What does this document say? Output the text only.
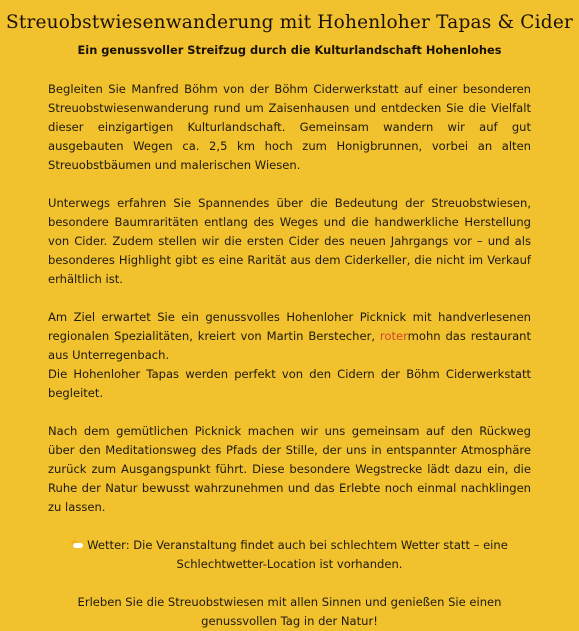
Streuobstwiesenwanderung mit Hohenloher Tapas & Cider
Ein genussvoller Streifzug durch die Kulturlandschaft Hohenlohes

Begleiten Sie Manfred Böhm von der Böhm Ciderwerkstatt auf einer besonderen Streuobstwiesenwanderung rund um Zaisenhausen und entdecken Sie die Vielfalt dieser einzigartigen Kulturlandschaft. Gemeinsam wandern wir auf gut ausgebauten Wegen ca. 2,5 km hoch zum Honigbrunnen, vorbei an alten Streuobstbäumen und malerischen Wiesen.

Unterwegs erfahren Sie Spannendes über die Bedeutung der Streuobstwiesen, besondere Baumraritäten entlang des Weges und die handwerkliche Herstellung von Cider. Zudem stellen wir die ersten Cider des neuen Jahrgangs vor – und als besonderes Highlight gibt es eine Rarität aus dem Ciderkeller, die nicht im Verkauf erhältlich ist.

Am Ziel erwartet Sie ein genussvolles Hohenloher Picknick mit handverlesenen regionalen Spezialitäten, kreiert von Martin Berstecher, rotermohn das restaurant aus Unterregenbach.

Die Hohenloher Tapas werden perfekt von den Cidern der Böhm Ciderwerkstatt begleitet.

Nach dem gemütlichen Picknick machen wir uns gemeinsam auf den Rückweg über den Meditationsweg des Pfads der Stille, der uns in entspannter Atmosphäre zurück zum Ausgangspunkt führt. Diese besondere Wegstrecke lädt dazu ein, die Ruhe der Natur bewusst wahrzunehmen und das Erlebte noch einmal nachklingen zu lassen.

Wetter: Die Veranstaltung findet auch bei schlechtem Wetter statt – eine
Schlechtwetter-Location ist vorhanden.

Erleben Sie die Streuobstwiesen mit allen Sinnen und genießen Sie einen
genussvollen Tag in der Natur!
